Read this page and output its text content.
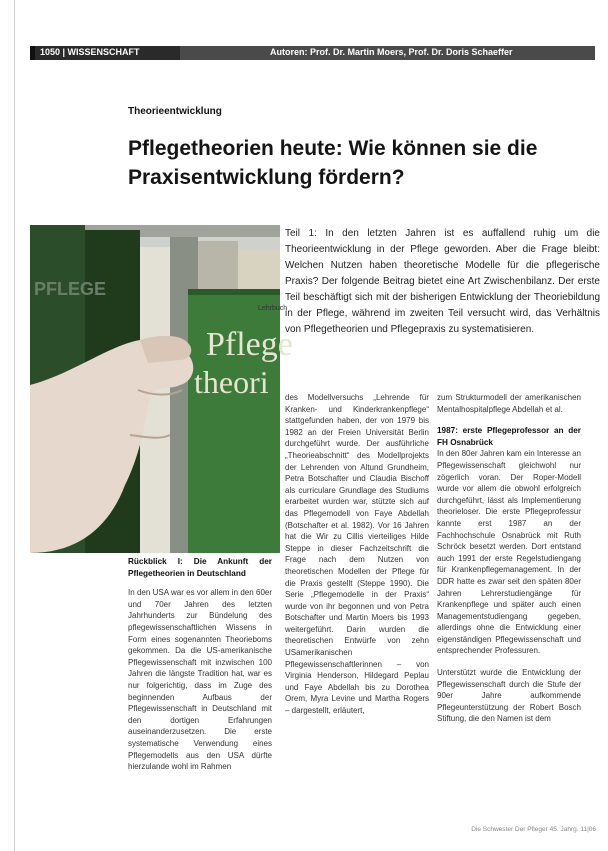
1050 | WISSENSCHAFT	Autoren: Prof. Dr. Martin Moers, Prof. Dr. Doris Schaeffer
Theorieentwicklung
Pflegetheorien heute: Wie können sie die Praxisentwicklung fördern?
Lehrbuch
PFLEGE
Pflege
theori
Teil 1: In den letzten Jahren ist es auffallend ruhig um die Theorieentwicklung in der Pflege geworden. Aber die Frage bleibt: Welchen Nutzen haben theoretische Modelle für die pflegerische Praxis? Der folgende Beitrag bietet eine Art Zwischenbilanz. Der erste Teil beschäftigt sich mit der bisherigen Entwicklung der Theoriebildung in der Pflege, während im zweiten Teil versucht wird, das Verhältnis von Pflegetheorien und Pflegepraxis zu systematisieren.

Rückblick I: Die Ankunft der Pflegetheorien in Deutschland

In den USA war es vor allem in den 60er und 70er Jahren des letzten Jahrhunderts zur Bündelung des pflegewissenschaftlichen Wissens in Form eines sogenannten Theorieboms gekommen. Da die US-amerikanische Pflegewissenschaft mit inzwischen 100 Jahren die längste Tradition hat, war es nur folgerichtig, dass im Zuge des beginnenden Aufbaus der Pflegewissenschaft in Deutschland mit den dortigen Erfahrungen auseinanderzusetzen. Die erste systematische Verwendung eines Pflegemodells aus den USA dürfte hierzulande wohl im Rahmen

des Modellversuchs „Lehrende für Kranken- und Kinderkrankenpflege“ stattgefunden haben, der von 1979 bis 1982 an der Freien Universität Berlin durchgeführt wurde. Der ausführliche „Theorieabschnitt“ des Modellprojekts der Lehrenden von Altund Grundheim, Petra Botschafter und Claudia Bischoff als curriculare Grundlage des Studiums erarbeitet wurden war, stützte sich auf das Pflegemodell von Faye Abdellah (Botschafter et al. 1982). Vor 16 Jahren hat die Wir zu Cillis vierteiliges Hilde Steppe in dieser Fachzeitschrift die Frage nach dem Nutzen von theoretischen Modellen der Pflege für die Praxis gestellt (Steppe 1990). Die Serie „Pflegemodelle in der Praxis“ wurde von ihr begonnen und von Petra Botschafter und Martin Moers bis 1993 weitergeführt. Darin wurden die theoretischen Entwürfe von zehn USamerikanischen Pflegewissenschaftlerinnen – von Virginia Henderson, Hildegard Peplau und Faye Abdellah bis zu Dorothea Orem, Myra Levine und Martha Rogers – dargestellt, erläutert,

zum Strukturmodell der amerikanischen Mentalhospitalpflege Abdellah et al.

1987: erste Pflegeprofessor an der FH Osnabrück

In den 80er Jahren kam ein Interesse an Pflegewissenschaft gleichwohl nur zögerlich voran. Der Roper-Modell wurde vor allem die obwohl erfolgreich durchgeführt, lässt als Implementierung theorieloser. Die erste Pflegeprofessur kannte erst 1987 an der Fachhochschule Osnabrück mit Ruth Schröck besetzt werden. Dort entstand auch 1991 der erste Regelstudiengang für Krankenpflegemanagement. In der DDR hatte es zwar seit den späten 80er Jahren Lehrerstudiengänge für Krankenpflege und später auch einen Managementstudiengang gegeben, allerdings ohne die Entwicklung einer eigenständigen Pflegewissenschaft und entsprechender Professuren.

Unterstützt wurde die Entwicklung der Pflegewissenschaft durch die Stufe der 90er Jahre aufkommende Pflegeunterstützung der Robert Bosch Stiftung, die den Namen ist dem

Die Schwester Der Pfleger 45. Jahrg. 11|06
